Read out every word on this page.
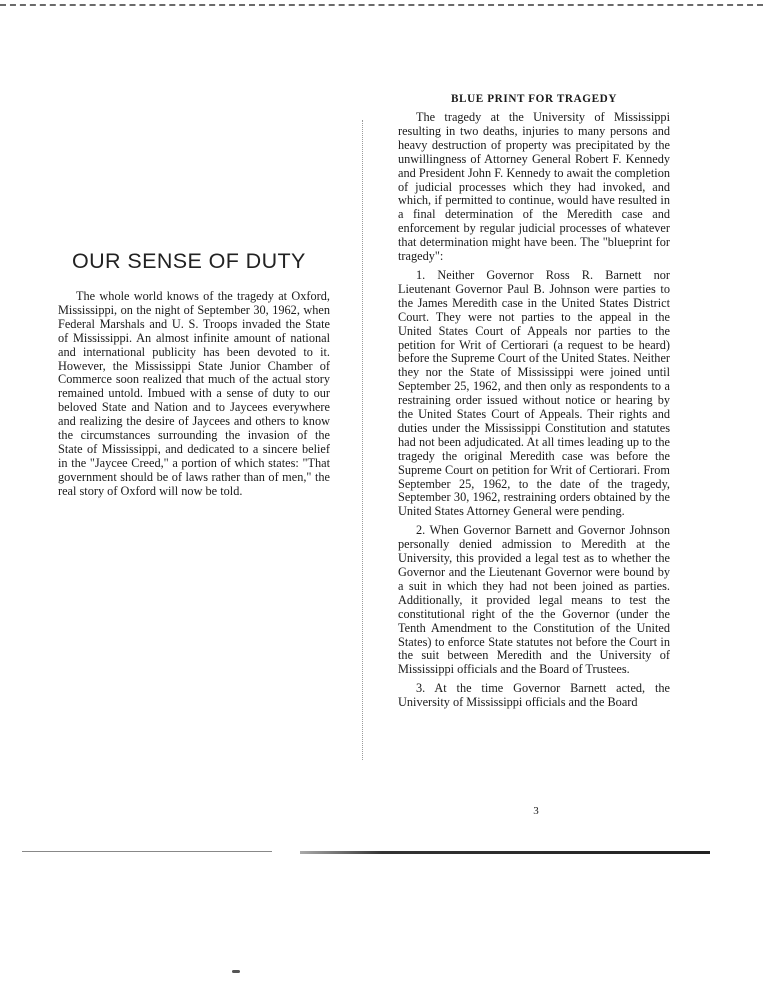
OUR SENSE OF DUTY

The whole world knows of the tragedy at Oxford, Mississippi, on the night of September 30, 1962, when Federal Marshals and U. S. Troops invaded the State of Mississippi. An almost infinite amount of national and international publicity has been devoted to it. However, the Mississippi State Junior Chamber of Commerce soon realized that much of the actual story remained untold. Imbued with a sense of duty to our beloved State and Nation and to Jaycees everywhere and realizing the desire of Jaycees and others to know the circumstances surrounding the invasion of the State of Mississippi, and dedicated to a sincere belief in the "Jaycee Creed," a portion of which states: "That government should be of laws rather than of men," the real story of Oxford will now be told.

BLUE PRINT FOR TRAGEDY

The tragedy at the University of Mississippi resulting in two deaths, injuries to many persons and heavy destruction of property was precipitated by the unwillingness of Attorney General Robert F. Kennedy and President John F. Kennedy to await the completion of judicial processes which they had invoked, and which, if permitted to continue, would have resulted in a final determination of the Meredith case and enforcement by regular judicial processes of whatever that determination might have been. The "blueprint for tragedy":

1. Neither Governor Ross R. Barnett nor Lieutenant Governor Paul B. Johnson were parties to the James Meredith case in the United States District Court. They were not parties to the appeal in the United States Court of Appeals nor parties to the petition for Writ of Certiorari (a request to be heard) before the Supreme Court of the United States. Neither they nor the State of Mississippi were joined until September 25, 1962, and then only as respondents to a restraining order issued without notice or hearing by the United States Court of Appeals. Their rights and duties under the Mississippi Constitution and statutes had not been adjudicated. At all times leading up to the tragedy the original Meredith case was before the Supreme Court on petition for Writ of Certiorari. From September 25, 1962, to the date of the tragedy, September 30, 1962, restraining orders obtained by the United States Attorney General were pending.

2. When Governor Barnett and Governor Johnson personally denied admission to Meredith at the University, this provided a legal test as to whether the Governor and the Lieutenant Governor were bound by a suit in which they had not been joined as parties. Additionally, it provided legal means to test the constitutional right of the the Governor (under the Tenth Amendment to the Constitution of the United States) to enforce State statutes not before the Court in the suit between Meredith and the University of Mississippi officials and the Board of Trustees.

3. At the time Governor Barnett acted, the University of Mississippi officials and the Board

3
